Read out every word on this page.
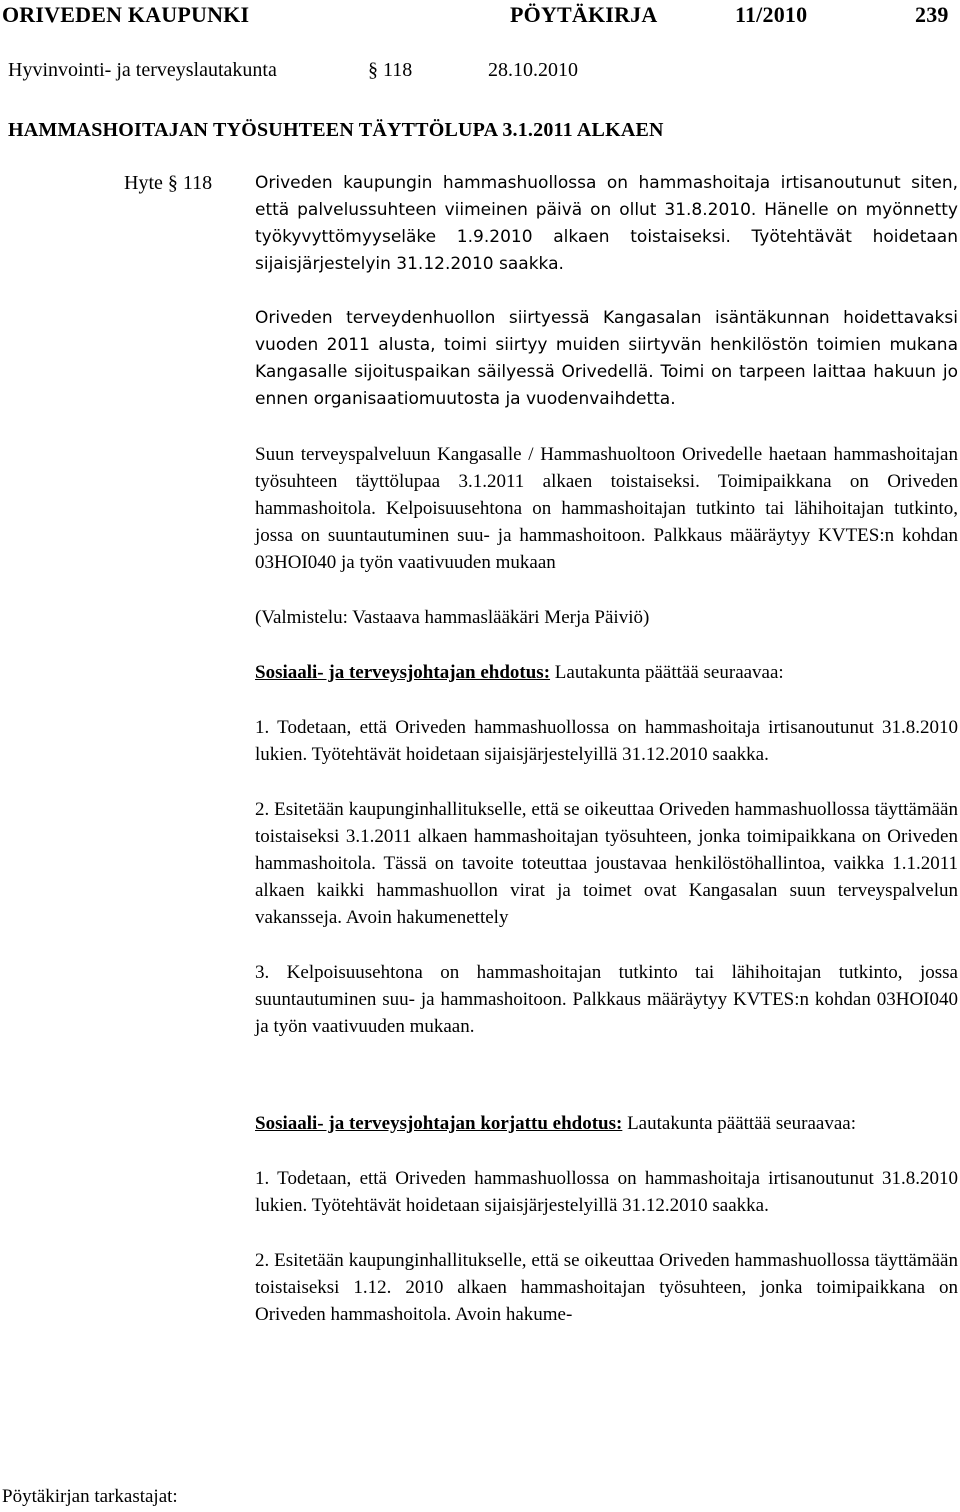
ORIVEDEN KAUPUNKI	PÖYTÄKIRJA	11/2010	239
Hyvinvointi- ja terveyslautakunta	§ 118	28.10.2010
HAMMASHOITAJAN TYÖSUHTEEN TÄYTTÖLUPA 3.1.2011 ALKAEN
Hyte § 118	Oriveden kaupungin hammashuollossa on hammashoitaja irtisanoutunut siten, että palvelussuhteen viimeinen päivä on ollut 31.8.2010. Hänelle on myönnetty työkyvyttömyyseläke 1.9.2010 alkaen toistaiseksi. Työtehtävät hoidetaan sijaisjärjestelyin 31.12.2010 saakka.

Oriveden terveydenhuollon siirtyessä Kangasalan isäntäkunnan hoidettavaksi vuoden 2011 alusta, toimi siirtyy muiden siirtyvän henkilöstön toimien mukana Kangasalle sijoituspaikan säilyessä Orivedellä. Toimi on tarpeen laittaa hakuun jo ennen organisaatiomuutosta ja vuodenvaihdetta.

Suun terveyspalveluun Kangasalle / Hammashuoltoon Orivedelle haetaan hammashoitajan työsuhteen täyttölupaa 3.1.2011 alkaen toistaiseksi. Toimipaikkana on Oriveden hammashoitola. Kelpoisuusehtona on hammashoitajan tutkinto tai lähihoitajan tutkinto, jossa on suuntautuminen suu- ja hammashoitoon. Palkkaus määräytyy KVTES:n kohdan 03HOI040 ja työn vaativuuden mukaan

(Valmistelu: Vastaava hammaslääkäri Merja Päiviö)

Sosiaali- ja terveysjohtajan ehdotus: Lautakunta päättää seuraavaa:

1. Todetaan, että Oriveden hammashuollossa on hammashoitaja irtisanoutunut 31.8.2010 lukien. Työtehtävät hoidetaan sijaisjärjestelyillä 31.12.2010 saakka.

2. Esitetään kaupunginhallitukselle, että se oikeuttaa Oriveden hammashuollossa täyttämään toistaiseksi 3.1.2011 alkaen hammashoitajan työsuhteen, jonka toimipaikkana on Oriveden hammashoitola. Tässä on tavoite toteuttaa joustavaa henkilöstöhallintoa, vaikka 1.1.2011 alkaen kaikki hammashuollon virat ja toimet ovat Kangasalan suun terveyspalvelun vakansseja. Avoin hakumenettely

3. Kelpoisuusehtona on hammashoitajan tutkinto tai lähihoitajan tutkinto, jossa suuntautuminen suu- ja hammashoitoon. Palkkaus määräytyy KVTES:n kohdan 03HOI040 ja työn vaativuuden mukaan.

Sosiaali- ja terveysjohtajan korjattu ehdotus: Lautakunta päättää seuraavaa:

1. Todetaan, että Oriveden hammashuollossa on hammashoitaja irtisanoutunut 31.8.2010 lukien. Työtehtävät hoidetaan sijaisjärjestelyillä 31.12.2010 saakka.

2. Esitetään kaupunginhallitukselle, että se oikeuttaa Oriveden hammashuollossa täyttämään toistaiseksi 1.12. 2010 alkaen hammashoitajan työsuhteen, jonka toimipaikkana on Oriveden hammashoitola. Avoin hakume-

Pöytäkirjan tarkastajat:
